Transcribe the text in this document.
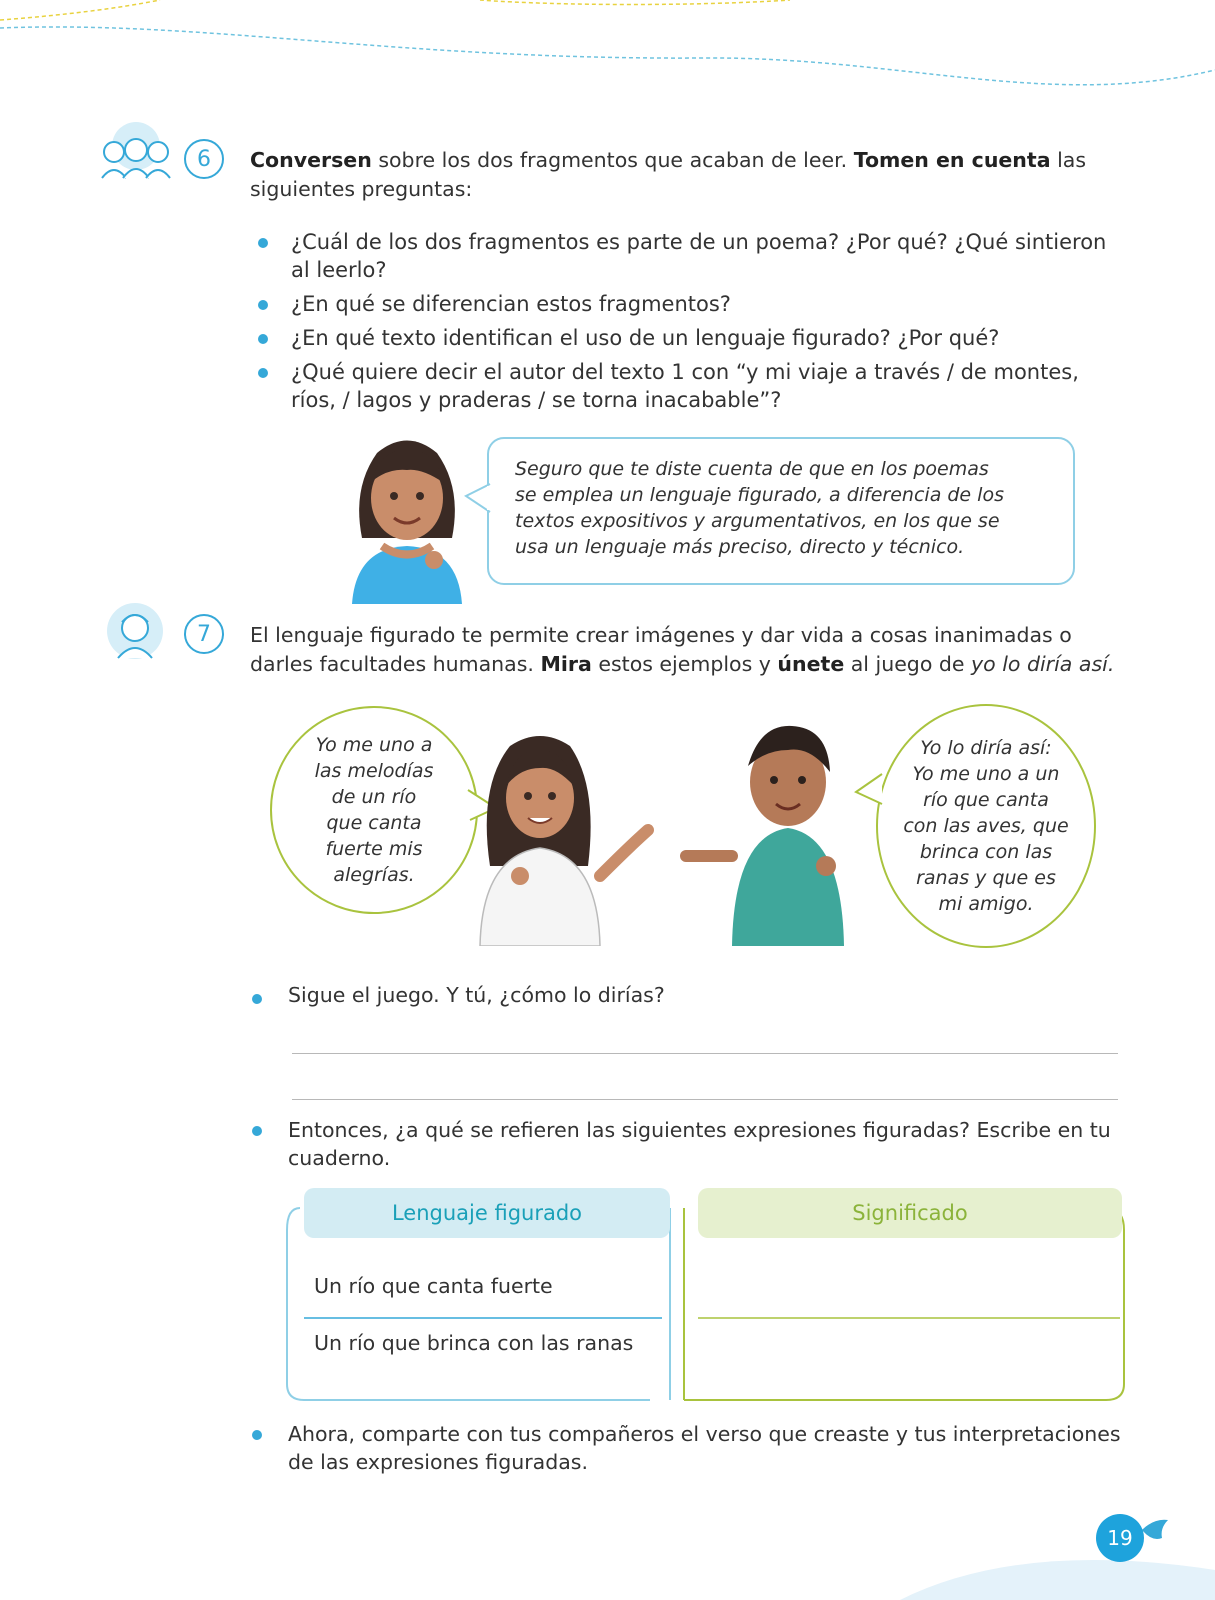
6	Conversen sobre los dos fragmentos que acaban de leer. Tomen en cuenta las
siguientes preguntas:
¿Cuál de los dos fragmentos es parte de un poema? ¿Por qué? ¿Qué sintieron al leerlo?
¿En qué se diferencian estos fragmentos?
¿En qué texto identifican el uso de un lenguaje figurado? ¿Por qué?
¿Qué quiere decir el autor del texto 1 con “y mi viaje a través / de montes, ríos, / lagos y praderas / se torna inacabable”?
Seguro que te diste cuenta de que en los poemas
se emplea un lenguaje figurado, a diferencia de los
textos expositivos y argumentativos, en los que se
usa un lenguaje más preciso, directo y técnico.
7	El lenguaje figurado te permite crear imágenes y dar vida a cosas inanimadas o
darles facultades humanas. Mira estos ejemplos y únete al juego de yo lo diría así.
Yo me uno a
las melodías
de un río
que canta
fuerte mis
alegrías.
Yo lo diría así:
Yo me uno a un
río que canta
con las aves, que
brinca con las
ranas y que es
mi amigo.
Sigue el juego. Y tú, ¿cómo lo dirías?
Entonces, ¿a qué se refieren las siguientes expresiones figuradas? Escribe en tu cuaderno.
Lenguaje figurado	Significado
Un río que canta fuerte
Un río que brinca con las ranas
Ahora, comparte con tus compañeros el verso que creaste y tus interpretaciones de las expresiones figuradas.
19
